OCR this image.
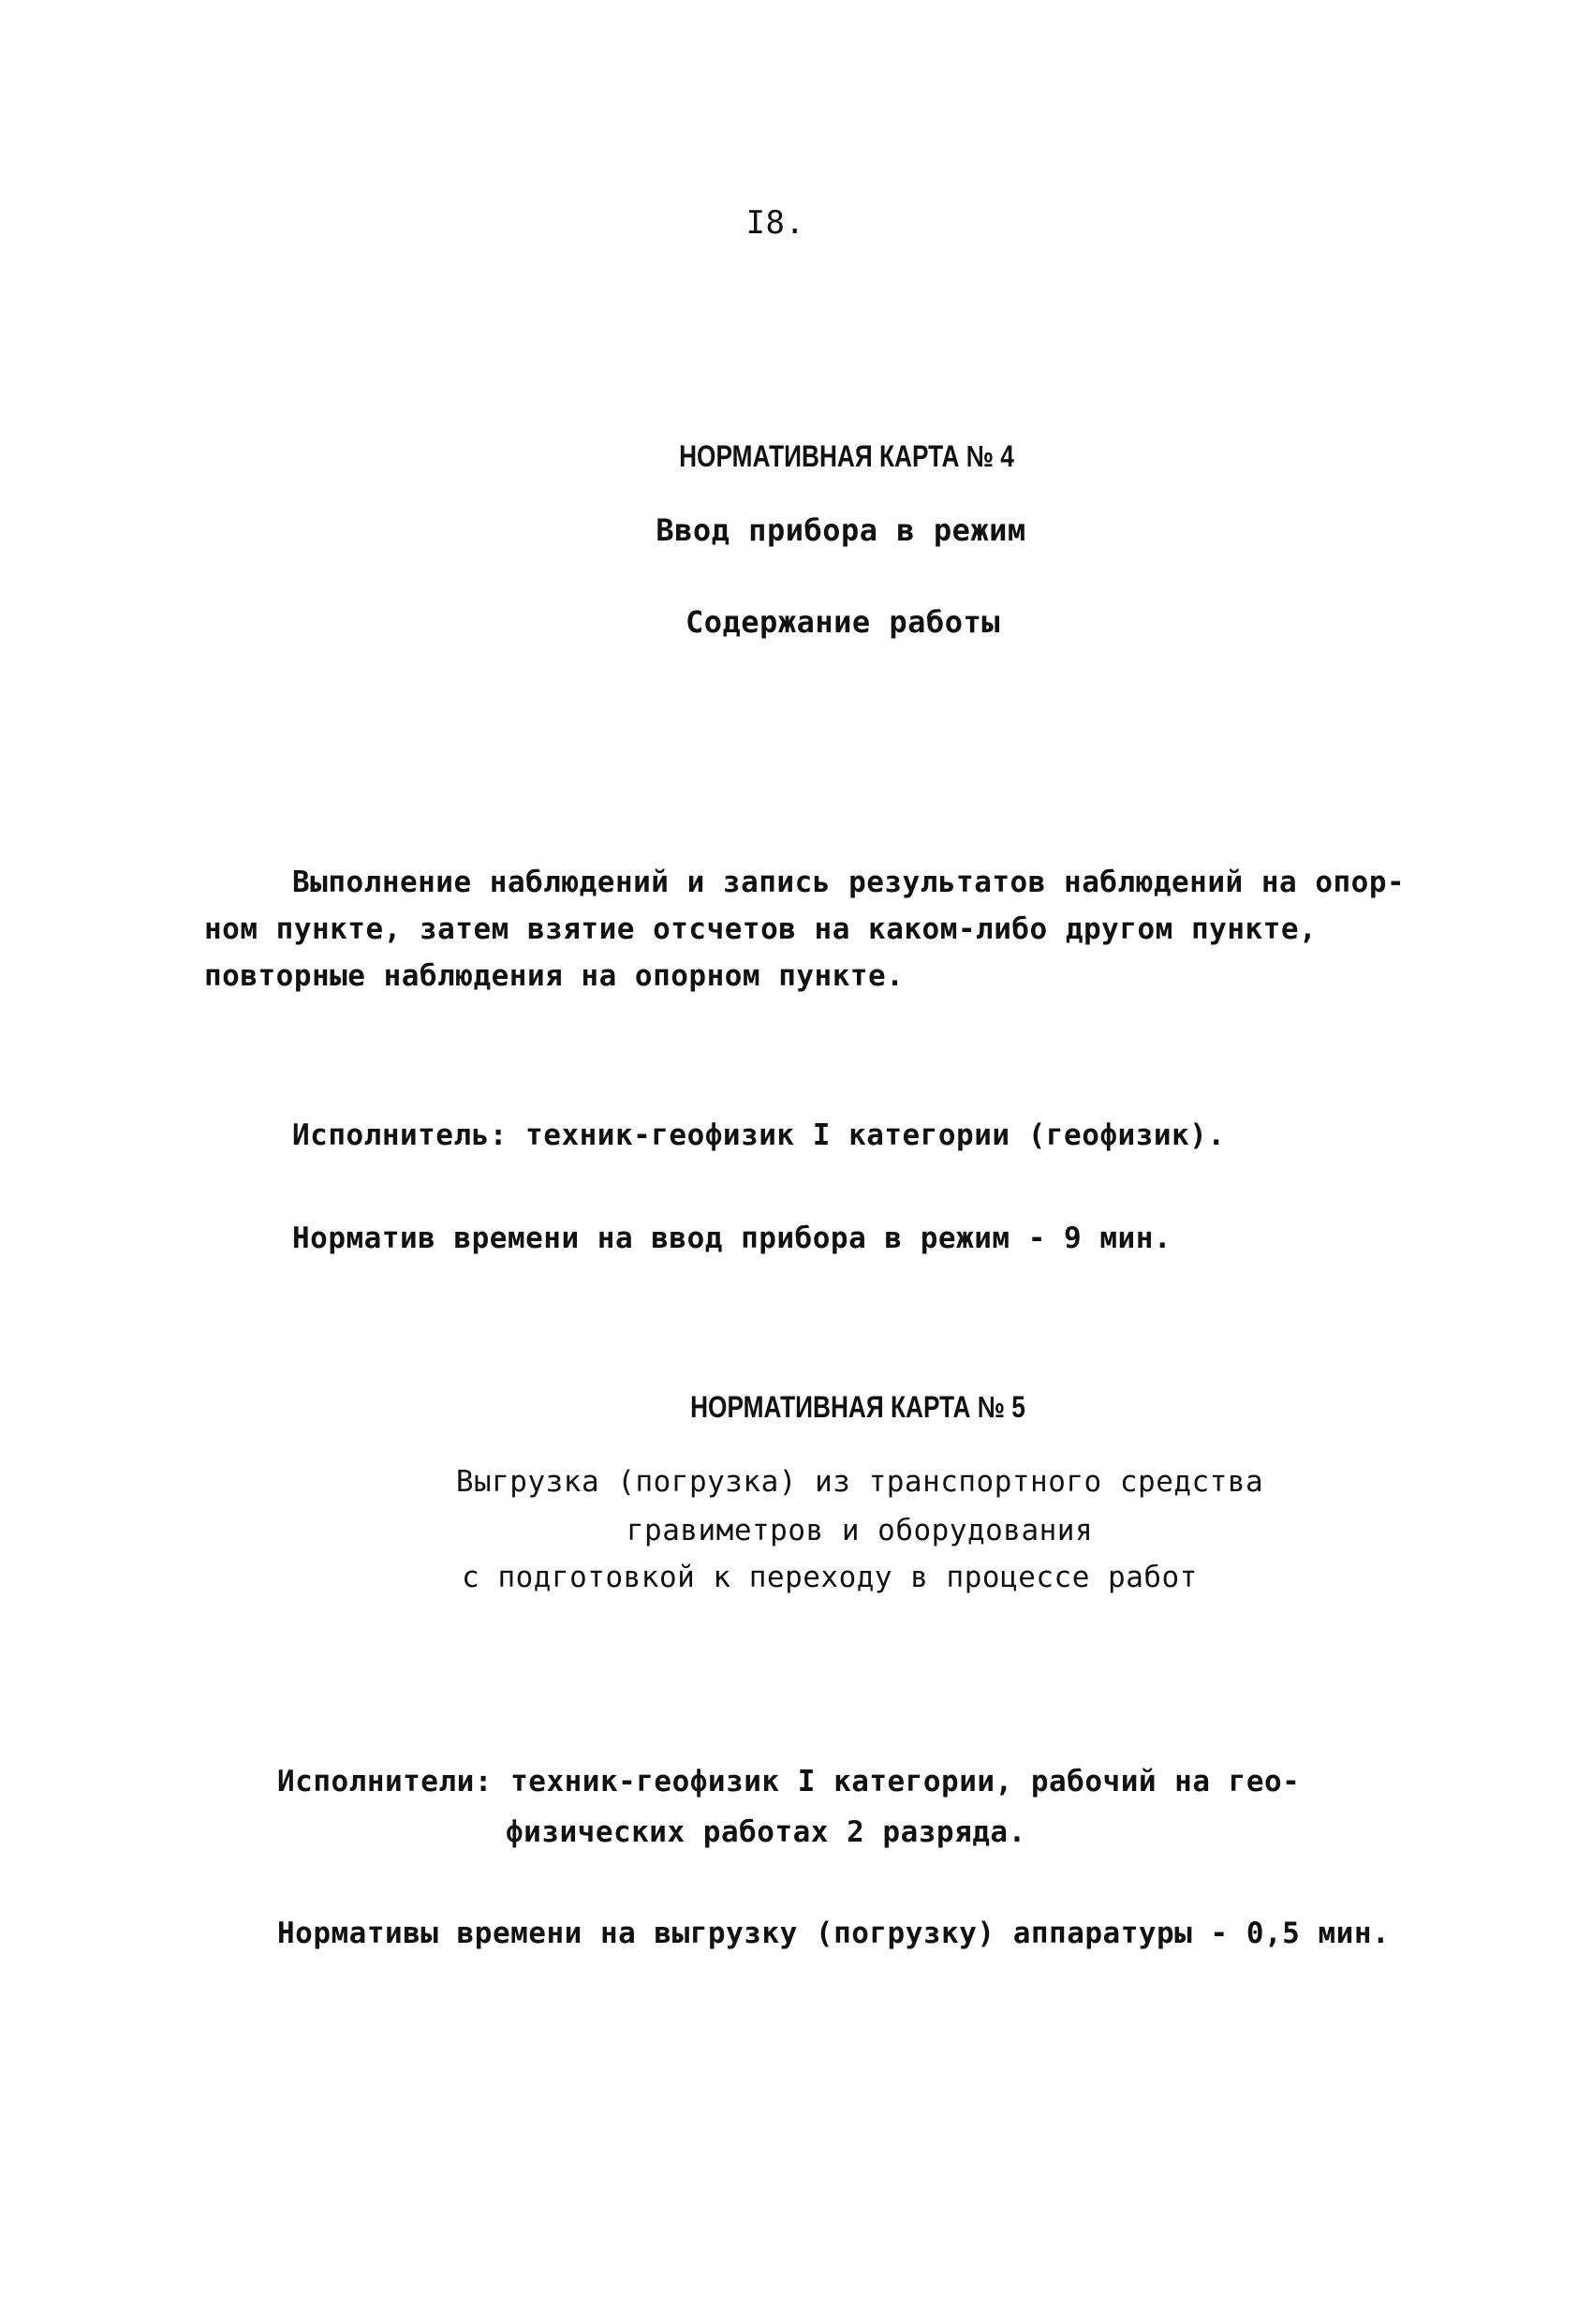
I8.
НОРМАТИВНАЯ КАРТА № 4
Ввод прибора в режим
Содержание работы
Выполнение наблюдений и запись результатов наблюдений на опор-
ном пункте, затем взятие отсчетов на каком-либо другом пункте,
повторные наблюдения на опорном пункте.
Исполнитель: техник-геофизик I категории (геофизик).
Норматив времени на ввод прибора в режим - 9 мин.
НОРМАТИВНАЯ КАРТА № 5
Выгрузка (погрузка) из транспортного средства
гравиметров и оборудования
с подготовкой к переходу в процессе работ
Исполнители: техник-геофизик I категории, рабочий на гео-
физических работах 2 разряда.
Нормативы времени на выгрузку (погрузку) аппаратуры - 0,5 мин.
